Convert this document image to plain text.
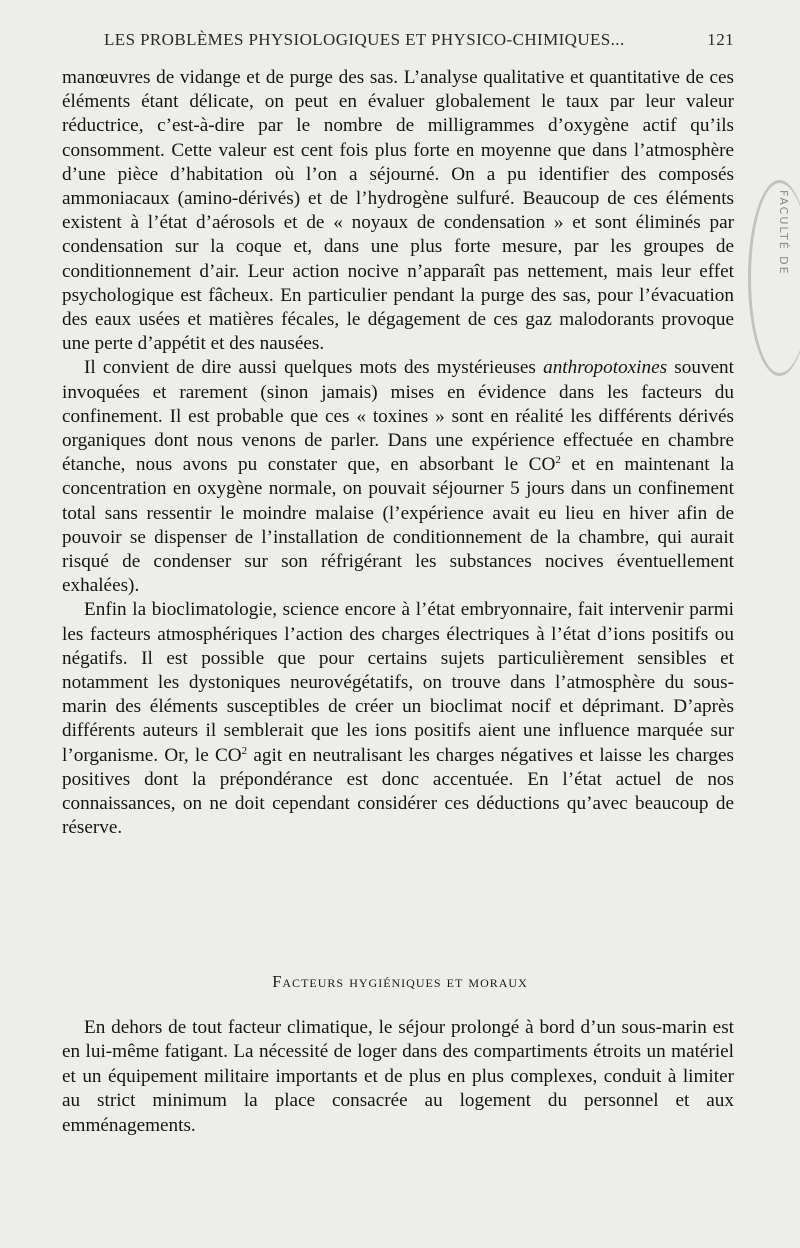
LES PROBLÈMES PHYSIOLOGIQUES ET PHYSICO-CHIMIQUES...	121

manœuvres de vidange et de purge des sas. L’analyse qualitative et quantitative de ces éléments étant délicate, on peut en évaluer globalement le taux par leur valeur réductrice, c’est-à-dire par le nombre de milligrammes d’oxygène actif qu’ils consomment. Cette valeur est cent fois plus forte en moyenne que dans l’atmosphère d’une pièce d’habitation où l’on a séjourné. On a pu identifier des composés ammoniacaux (amino-dérivés) et de l’hydrogène sulfuré. Beaucoup de ces éléments existent à l’état d’aérosols et de « noyaux de condensation » et sont éliminés par condensation sur la coque et, dans une plus forte mesure, par les groupes de conditionnement d’air. Leur action nocive n’apparaît pas nettement, mais leur effet psychologique est fâcheux. En particulier pendant la purge des sas, pour l’évacuation des eaux usées et matières fécales, le dégagement de ces gaz malodorants provoque une perte d’appétit et des nausées.

Il convient de dire aussi quelques mots des mystérieuses anthropotoxines souvent invoquées et rarement (sinon jamais) mises en évidence dans les facteurs du confinement. Il est probable que ces « toxines » sont en réalité les différents dérivés organiques dont nous venons de parler. Dans une expérience effectuée en chambre étanche, nous avons pu constater que, en absorbant le $CO^2$ et en maintenant la concentration en oxygène normale, on pouvait séjourner 5 jours dans un confinement total sans ressentir le moindre malaise (l’expérience avait eu lieu en hiver afin de pouvoir se dispenser de l’installation de conditionnement de la chambre, qui aurait risqué de condenser sur son réfrigérant les substances nocives éventuellement exhalées).

Enfin la bioclimatologie, science encore à l’état embryonnaire, fait intervenir parmi les facteurs atmosphériques l’action des charges électriques à l’état d’ions positifs ou négatifs. Il est possible que pour certains sujets particulièrement sensibles et notamment les dystoniques neurovégétatifs, on trouve dans l’atmosphère du sous-marin des éléments susceptibles de créer un bioclimat nocif et déprimant. D’après différents auteurs il semblerait que les ions positifs aient une influence marquée sur l’organisme. Or, le $CO^2$ agit en neutralisant les charges négatives et laisse les charges positives dont la prépondérance est donc accentuée. En l’état actuel de nos connaissances, on ne doit cependant considérer ces déductions qu’avec beaucoup de réserve.

Facteurs hygiéniques et moraux

En dehors de tout facteur climatique, le séjour prolongé à bord d’un sous-marin est en lui-même fatigant. La nécessité de loger dans des compartiments étroits un matériel et un équipement militaire importants et de plus en plus complexes, conduit à limiter au strict minimum la place consacrée au logement du personnel et aux emménagements.

FACULTÉ DE
